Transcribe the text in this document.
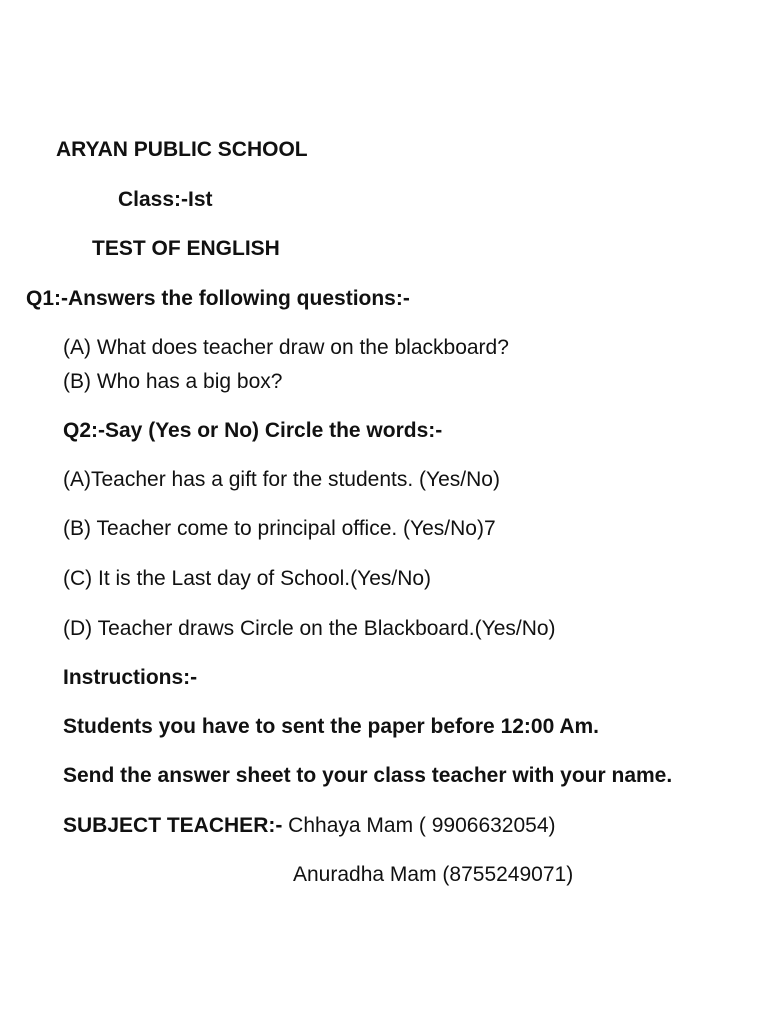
ARYAN PUBLIC SCHOOL
Class:-Ist
TEST OF ENGLISH
Q1:-Answers the following questions:-
(A) What does teacher draw on the blackboard?
(B) Who has a big box?
Q2:-Say (Yes or No) Circle the words:-
(A)Teacher has a gift for the students. (Yes/No)
(B) Teacher come to principal office. (Yes/No)7
(C) It is the Last day of School.(Yes/No)
(D) Teacher draws Circle on the Blackboard.(Yes/No)
Instructions:-
Students you have to sent the paper before 12:00 Am.
Send the answer sheet to your class teacher with your name.
SUBJECT TEACHER:- Chhaya Mam ( 9906632054)
Anuradha Mam (8755249071)
